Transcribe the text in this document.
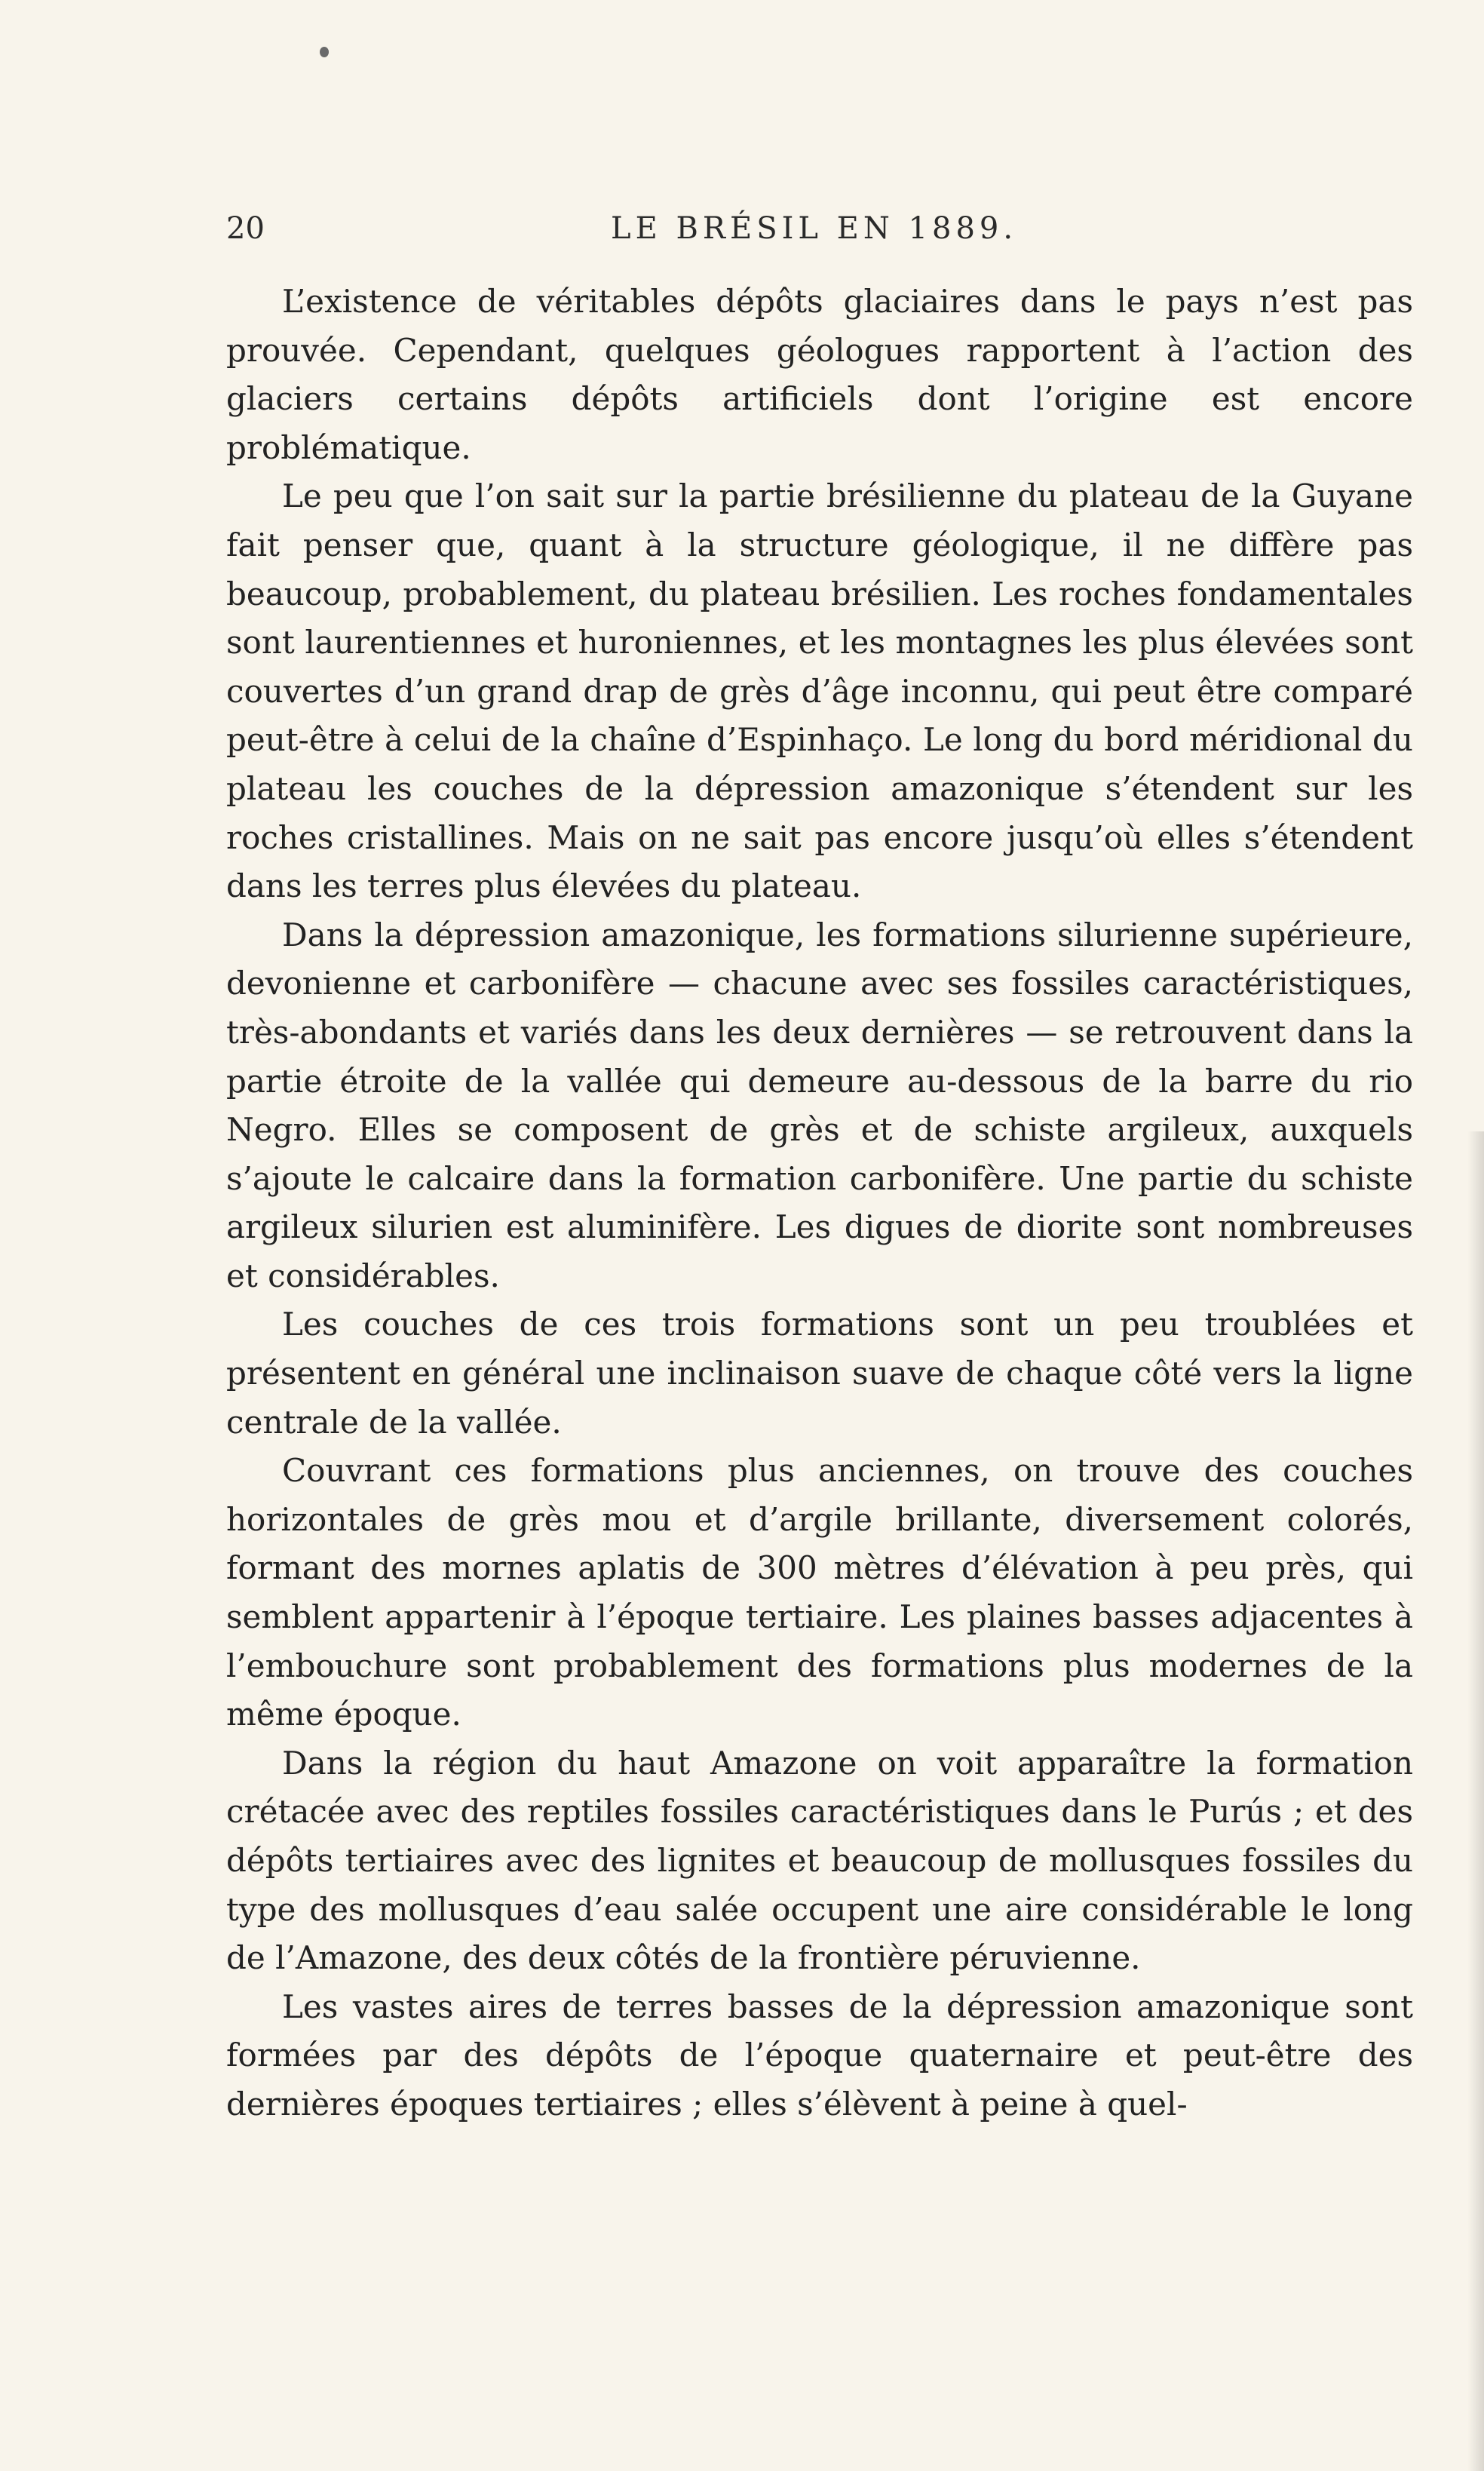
20	LE BRÉSIL EN 1889.

L’existence de véritables dépôts glaciaires dans le pays n’est pas prouvée. Cependant, quelques géologues rapportent à l’action des glaciers certains dépôts artificiels dont l’origine est encore problématique.

Le peu que l’on sait sur la partie brésilienne du plateau de la Guyane fait penser que, quant à la structure géologique, il ne diffère pas beaucoup, probablement, du plateau brésilien. Les roches fondamentales sont laurentiennes et huroniennes, et les montagnes les plus élevées sont couvertes d’un grand drap de grès d’âge inconnu, qui peut être comparé peut-être à celui de la chaîne d’Espinhaço. Le long du bord méridional du plateau les couches de la dépression amazonique s’étendent sur les roches cristallines. Mais on ne sait pas encore jusqu’où elles s’étendent dans les terres plus élevées du plateau.

Dans la dépression amazonique, les formations silurienne supérieure, devonienne et carbonifère — chacune avec ses fossiles caractéristiques, très-abondants et variés dans les deux dernières — se retrouvent dans la partie étroite de la vallée qui demeure au-dessous de la barre du rio Negro. Elles se composent de grès et de schiste argileux, auxquels s’ajoute le calcaire dans la formation carbonifère. Une partie du schiste argileux silurien est aluminifère. Les digues de diorite sont nombreuses et considérables.

Les couches de ces trois formations sont un peu troublées et présentent en général une inclinaison suave de chaque côté vers la ligne centrale de la vallée.

Couvrant ces formations plus anciennes, on trouve des couches horizontales de grès mou et d’argile brillante, diversement colorés, formant des mornes aplatis de 300 mètres d’élévation à peu près, qui semblent appartenir à l’époque tertiaire. Les plaines basses adjacentes à l’embouchure sont probablement des formations plus modernes de la même époque.

Dans la région du haut Amazone on voit apparaître la formation crétacée avec des reptiles fossiles caractéristiques dans le Purús ; et des dépôts tertiaires avec des lignites et beaucoup de mollusques fossiles du type des mollusques d’eau salée occupent une aire considérable le long de l’Amazone, des deux côtés de la frontière péruvienne.

Les vastes aires de terres basses de la dépression amazonique sont formées par des dépôts de l’époque quaternaire et peut-être des dernières époques tertiaires ; elles s’élèvent à peine à quel-
